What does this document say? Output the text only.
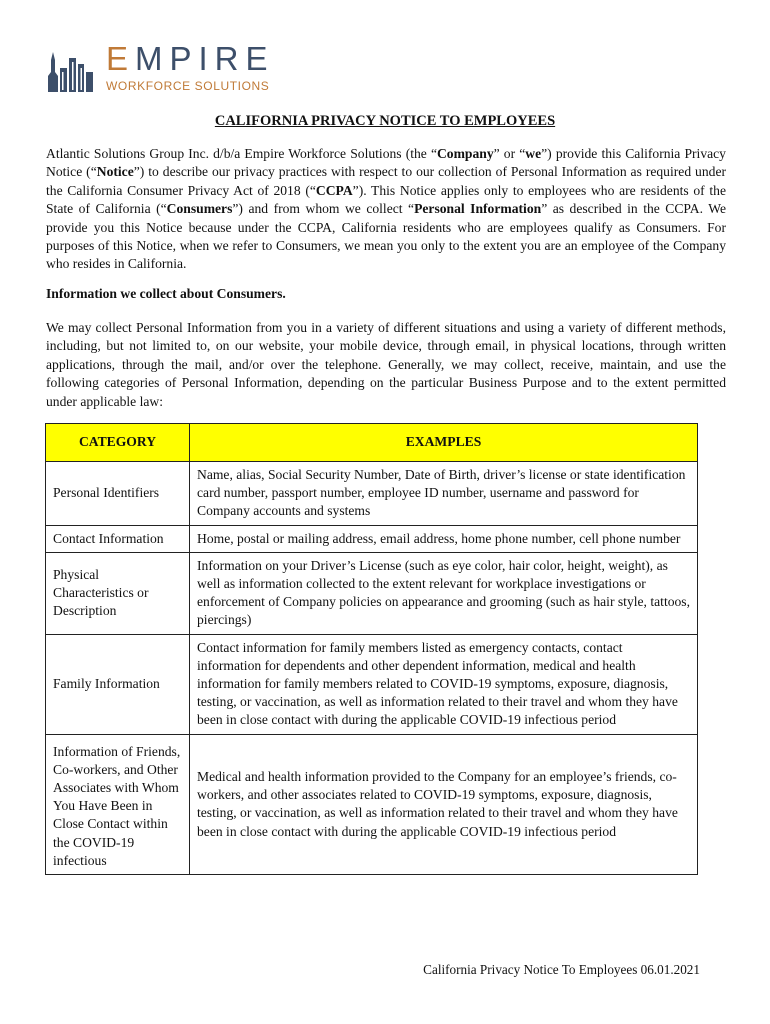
EMPIRE
WORKFORCE SOLUTIONS
CALIFORNIA PRIVACY NOTICE TO EMPLOYEES

Atlantic Solutions Group Inc. d/b/a Empire Workforce Solutions (the “Company” or “we”) provide this California Privacy Notice (“Notice”) to describe our privacy practices with respect to our collection of Personal Information as required under the California Consumer Privacy Act of 2018 (“CCPA”). This Notice applies only to employees who are residents of the State of California (“Consumers”) and from whom we collect “Personal Information” as described in the CCPA. We provide you this Notice because under the CCPA, California residents who are employees qualify as Consumers. For purposes of this Notice, when we refer to Consumers, we mean you only to the extent you are an employee of the Company who resides in California.

Information we collect about Consumers.

We may collect Personal Information from you in a variety of different situations and using a variety of different methods, including, but not limited to, on our website, your mobile device, through email, in physical locations, through written applications, through the mail, and/or over the telephone. Generally, we may collect, receive, maintain, and use the following categories of Personal Information, depending on the particular Business Purpose and to the extent permitted under applicable law:

CATEGORY	EXAMPLES
Personal Identifiers	Name, alias, Social Security Number, Date of Birth, driver’s license or state identification card number, passport number, employee ID number, username and password for Company accounts and systems
Contact Information	Home, postal or mailing address, email address, home phone number, cell phone number
Physical Characteristics or Description	Information on your Driver’s License (such as eye color, hair color, height, weight), as well as information collected to the extent relevant for workplace investigations or enforcement of Company policies on appearance and grooming (such as hair style, tattoos, piercings)
Family Information	Contact information for family members listed as emergency contacts, contact information for dependents and other dependent information, medical and health information for family members related to COVID-19 symptoms, exposure, diagnosis, testing, or vaccination, as well as information related to their travel and whom they have been in close contact with during the applicable COVID-19 infectious period
Information of Friends, Co-workers, and Other Associates with Whom You Have Been in Close Contact within the COVID-19 infectious	Medical and health information provided to the Company for an employee’s friends, co-workers, and other associates related to COVID-19 symptoms, exposure, diagnosis, testing, or vaccination, as well as information related to their travel and whom they have been in close contact with during the applicable COVID-19 infectious period
California Privacy Notice To Employees 06.01.2021
